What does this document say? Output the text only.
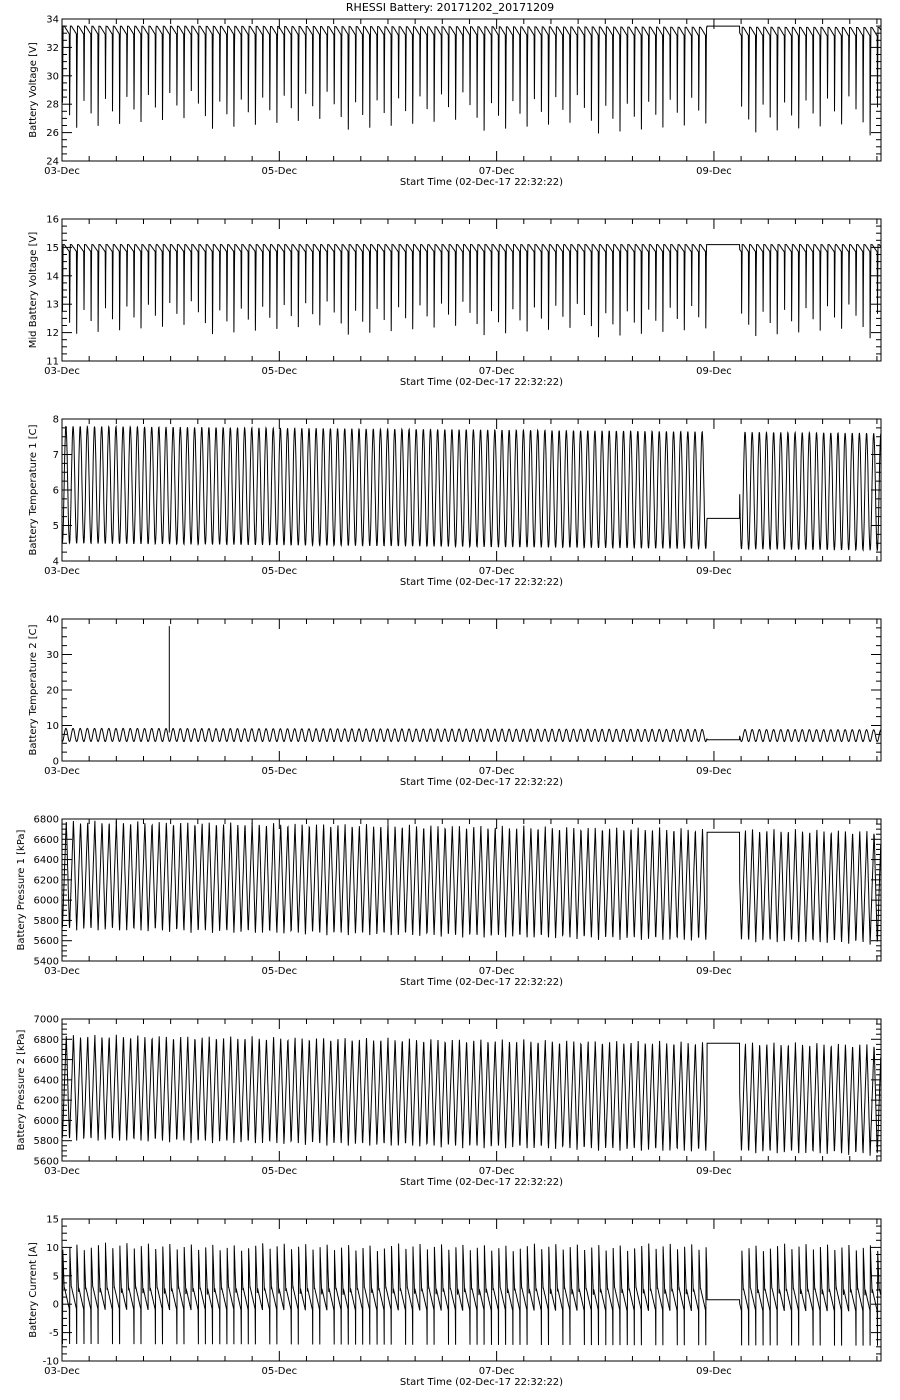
RHESSI Battery: 20171202_20171209
24
26
28
30
32
34
03-Dec	05-Dec	07-Dec	09-Dec
Start Time (02-Dec-17 22:32:22)
Battery Voltage [V]
11
12
13
14
15
16
03-Dec	05-Dec	07-Dec	09-Dec
Start Time (02-Dec-17 22:32:22)
Mid Battery Voltage [V]
4
5
6
7
8
03-Dec	05-Dec	07-Dec	09-Dec
Start Time (02-Dec-17 22:32:22)
Battery Temperature 1 [C]
0
10
20
30
40
03-Dec	05-Dec	07-Dec	09-Dec
Start Time (02-Dec-17 22:32:22)
Battery Temperature 2 [C]
5400
5600
5800
6000
6200
6400
6600
6800
03-Dec	05-Dec	07-Dec	09-Dec
Start Time (02-Dec-17 22:32:22)
Battery Pressure 1 [kPa]
5600
5800
6000
6200
6400
6600
6800
7000
03-Dec	05-Dec	07-Dec	09-Dec
Start Time (02-Dec-17 22:32:22)
Battery Pressure 2 [kPa]
-10
-5
0
5
10
15
03-Dec	05-Dec	07-Dec	09-Dec
Start Time (02-Dec-17 22:32:22)
Battery Current [A]
